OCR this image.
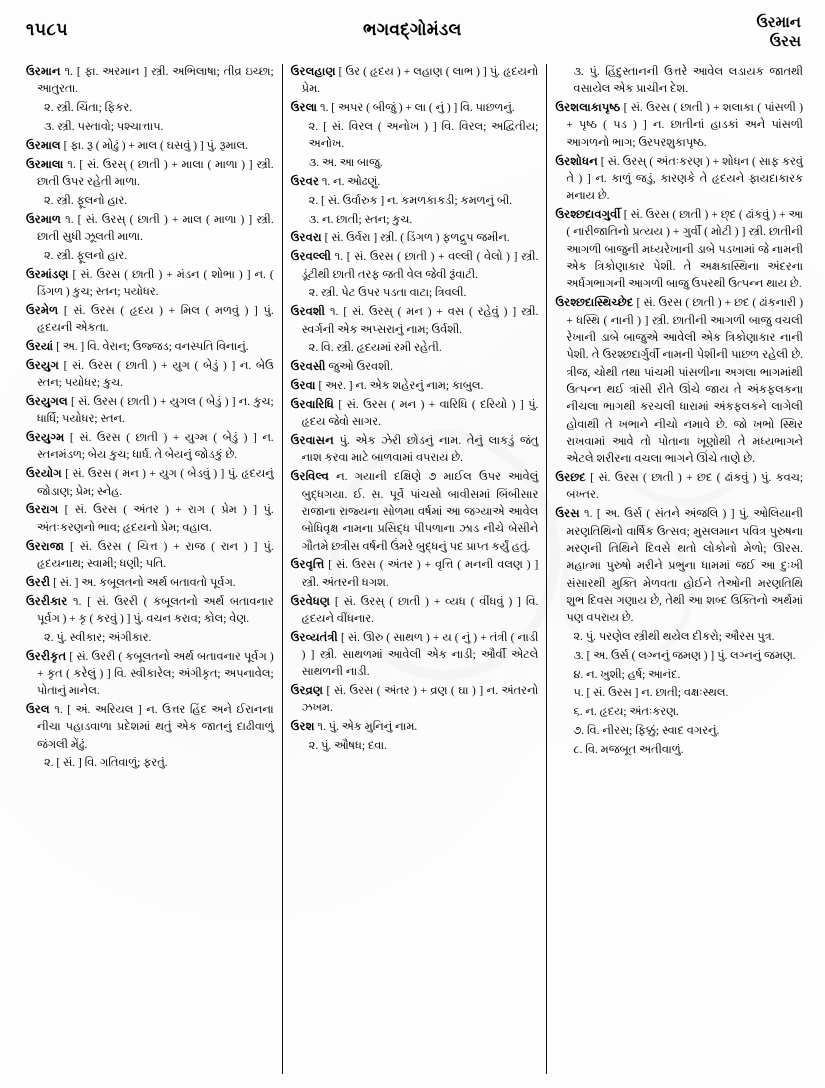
૧૫૮૫	ભગવદ્ગોમંડલ	ઉરમાન
ઉરસ

ઉરમાન ૧. [ ફા. અરમાન ] સ્ત્રી. અભિલાષા; તીવ્ર ઇચ્છા; આતુરતા.

૨. સ્ત્રી. ચિંતા; ફિકર.

૩. સ્ત્રી. પસ્તાવો; પશ્ચાત્તાપ.

ઉરમાલ [ ફા. રૂ ( મોઢું ) + માલ ( ઘસવું ) ] પું. રૂમાલ.

ઉરમાલા ૧. [ સં. ઉરસ્ ( છાતી ) + માલા ( માળા ) ] સ્ત્રી. છાતી ઉપર રહેતી માળા.

૨. સ્ત્રી. ફૂલનો હાર.

ઉરમાળ ૧. [ સં. ઉરસ્ ( છાતી ) + માલ ( માળા ) ] સ્ત્રી. છાતી સુધી ઝૂલતી માળા.

૨. સ્ત્રી. ફૂલનો હાર.

ઉરમાંડણ [ સં. ઉરસ ( છાતી ) + મંડન ( શોભા ) ] ન. ( ડિંગળ ) કુચ; સ્તન; પયોધર.

ઉરમેળ [ સં. ઉરસ ( હૃદય ) + મિલ ( મળવું ) ] પું. હૃદયની એકતા.

ઉરયાં [ અ. ] વિ. વેરાન; ઉજ્જડ; વનસ્પતિ વિનાનું.

ઉરયુગ [ સં. ઉરસ ( છાતી ) + યુગ ( બેડું ) ] ન. બેઉ સ્તન; પયોધર; કુચ.

ઉરયુગલ [ સં. ઉરસ ( છાતી ) + યુગલ ( બેડું ) ] ન. કુચ; ધાર્ધિ; પયોધર; સ્તન.

ઉરયુગ્મ [ સં. ઉરસ ( છાતી ) + યુગ્મ ( બેડું ) ] ન. સ્તનમંડળ; બેય કુચ; ધાર્ધ. તે બેયનું જોડકું છે.

ઉરયોગ [ સં. ઉરસ ( મન ) + યુગ ( બેડવું ) ] પું. હૃદયનું જોડાણ; પ્રેમ; સ્નેહ.

ઉરરાગ [ સં. ઉરસ ( અંતર ) + રાગ ( પ્રેમ ) ] પું. અંતઃકરણનો ભાવ; હૃદયનો પ્રેમ; વહાલ.

ઉરરાજા [ સં. ઉરસ ( ચિત્ત ) + રાજ ( રાન ) ] પું. હૃદયનાથ; સ્વામી; ધણી; પતિ.

ઉરરી [ સં. ] અ. કબૂલતનો અર્થ બતાવતો પૂર્વગ.

ઉરરીકાર ૧. [ સં. ઉરરી ( કબૂલતનો અર્થ બતાવનાર પૂર્વગ ) + કૃ ( કરવું ) ] પું. વચન કરાવ; કોલ; વેણ.

૨. પું. સ્વીકાર; અંગીકાર.

ઉરરીકૃત [ સં. ઉરરી ( કબૂલતનો અર્થ બતાવનાર પૂર્વગ ) + કૃત ( કરેલું ) ] વિ. સ્વીકારેલ; અંગીકૃત; અપનાવેલ; પોતાનું માનેલ.

ઉરલ ૧. [ અં. અરિયલ ] ન. ઉત્તર હિંદ અને ઈરાનના નીચા પહાડવાળા પ્રદેશમાં થતું એક જાતનું દાઢીવાળું જંગલી મેંઢું.

૨. [ સં. ] વિ. ગતિવાળું; ફરતું.

ઉરલહાણ [ ઉર ( હૃદય ) + લહાણ ( લાભ ) ] પું. હૃદયનો પ્રેમ.

ઉરલા ૧. [ અપર ( બીજું ) + લા ( નું ) ] વિ. પાછળનું.

૨. [ સં. વિરલ ( અનોખ ) ] વિ. વિરલ; અદ્વિતીય; અનોખ.

૩. અ. આ બાજુ.

ઉરવર ૧. ન. ઓઢણું.

૨. [ સં. ઉર્વારુક ] ન. કમળકાકડી; કમળનું બી.

૩. ન. છાતી; સ્તન; કુચ.

ઉરવરા [ સં. ઉર્વરા ] સ્ત્રી. ( ડિંગળ ) ફળદ્રુપ જમીન.

ઉરવલ્લી ૧. [ સં. ઉરસ ( છાતી ) + વલ્લી ( વેલો ) ] સ્ત્રી. ડૂંટીથી છાતી તરફ જતી વેલ જેવી રૂંવાટી.

૨. સ્ત્રી. પેટ ઉપર પડતા વાટા; ત્રિવલી.

ઉરવશી ૧. [ સં. ઉરસ્ ( મન ) + વસ ( રહેવું ) ] સ્ત્રી. સ્વર્ગની એક અપ્સરાનું નામ; ઉર્વશી.

૨. વિ. સ્ત્રી. હૃદયમાં રમી રહેતી.

ઉરવસી જુઓ ઉરવશી.

ઉરવા [ અર. ] ન. એક શહેરનું નામ; કાબુલ.

ઉરવારિધિ [ સં. ઉરસ ( મન ) + વારિધિ ( દરિયો ) ] પું. હૃદય જેવો સાગર.

ઉરવાસન પું. એક ઝેરી છોડનું નામ. તેનું લાકડું જંતુ નાશ કરવા માટે બાળવામાં વપરાય છે.

ઉરવિલ્વ ન. ગયાની દક્ષિણે ૭ માઈલ ઉપર આવેલું બુદ્ધગયા. ઈ. સ. પૂર્વે પાંચસો બાવીસમાં બિંબીસાર રાજાના રાજ્યના સોળમા વર્ષમાં આ જગ્યાએ આવેલ બોધિવૃક્ષ નામના પ્રસિદ્ધ પીપળાના ઝાડ નીચે બેસીને ગૌતમે છત્રીસ વર્ષની ઉંમરે બુદ્ધનું પદ પ્રાપ્ત કર્યું હતું.

ઉરવૃત્તિ [ સં. ઉરસ ( અંતર ) + વૃત્તિ ( મનની વલણ ) ] સ્ત્રી. અંતરની ધગશ.

ઉરવેધણ [ સં. ઉરસ્ ( છાતી ) + વ્યધ ( વીંધવું ) ] વિ. હૃદયને વીંધનાર.

ઉરવ્યતંત્રી [ સં. ઊરુ ( સાથળ ) + ય ( નું ) + તંત્રી ( નાડી ) ] સ્ત્રી. સાથળમાં આવેલી એક નાડી; ઔર્વી એટલે સાથળની નાડી.

ઉરવ્રણ [ સં. ઉરસ ( અંતર ) + વ્રણ ( ઘા ) ] ન. અંતરનો ઝખમ.

ઉરશ ૧. પું. એક મુનિનું નામ.

૨. પું. ઔષધ; દવા.

૩. પું. હિંદુસ્તાનની ઉત્તરે આવેલ લડાયક જાતથી વસાયેલ એક પ્રાચીન દેશ.

ઉરશલાકાપૃષ્ઠ [ સં. ઉરસ ( છાતી ) + શલાકા ( પાંસળી ) + પૃષ્ઠ ( પડ ) ] ન. છાતીનાં હાડકાં અને પાંસળી આગળનો ભાગ; ઉરપરશુકાપૃષ્ઠ.

ઉરશોધન [ સં. ઉરસ્ ( અંતઃકરણ ) + શોધન ( સાફ કરવું તે ) ] ન. કાળું જડું, કારણકે તે હૃદયને ફાયદાકારક મનાય છે.

ઉરશ્છદાવગુર્વી [ સં. ઉરસ ( છાતી ) + છ્દ ( ઢાંકવું ) + આ ( નારીજાતિનો પ્રત્યય ) + ગુર્વી ( મોટી ) ] સ્ત્રી. છાતીની આગળી બાજુની મધ્યરેખાની ડાબે પડખામાં જે નામની એક ત્રિકોણાકાર પેશી. તે અક્ષકાસ્થિના અંદરના અર્ધગભાગની આગળી બાજુ ઉપરથી ઉત્પન્ન થાય છે.

ઉરશ્છદાસ્થિચ્છેદ [ સં. ઉરસ ( છાતી ) + છદ ( ઢાંકનારી ) + ધસ્થિ ( નાની ) ] સ્ત્રી. છાતીની આગળી બાજુ વચલી રેખાની ડાબે બાજુએ આવેલી એક ત્રિકોણાકાર નાની પેશી. તે ઉરશ્છદાર્ગુર્વી નામની પેશીની પાછળ રહેલી છે. ત્રીજ, ચોથી તથા પાંચમી પાંસળીના અગલા ભાગમાંથી ઉત્પન્ન થઈ ત્રાંસી રીતે ઊંચે જાય તે અંકફલકના નીચલા ભાગથી કરચલી ધારામાં અંકફલકને લાગેલી હોવાથી તે ખભાને નીચો નમાવે છે. જો ખભો સ્થિર રાખવામાં આવે તો પોતાના ખૂણોથી તે મધ્યભાગને એટલે શરીરના વચલા ભાગને ઊંચે તાણે છે.

ઉરછદ [ સં. ઉરસ ( છાતી ) + છદ ( ઢાંકવું ) પું. કવચ; બખ્તર.

ઉરસ ૧. [ અ. ઉર્સ ( સંતને અંજલિ ) ] પું. ઓલિયાની મરણતિથિનો વાર્ષિક ઉત્સવ; મુસલમાન પવિત્ર પુરુષના મરણની તિથિને દિવસે થતો લોકોનો મેળો; ઊરસ. મહાત્મા પુરુષો મરીને પ્રભુના ધામમાં જઈ આ દુઃખી સંસારથી મુક્તિ મેળવતા હોઈને તેઓની મરણતિથિ શુભ દિવસ ગણાય છે, તેથી આ શબ્દ ઉક્તિનો અર્થમાં પણ વપરાય છે.

૨. પું. પરણેલ સ્ત્રીથી થયેલ દીકરો; ઔરસ પુત્ર.

૩. [ અ. ઉર્સ ( લગ્નનું જમણ ) ] પું. લગ્નનું જમણ.

૪. ન. ખુશી; હર્ષ; આનંદ.

૫. [ સં. ઉરસ ] ન. છાતી; વક્ષઃસ્થલ.

૬. ન. હૃદય; અંતઃકરણ.

૭. વિ. નીરસ; ફિક્કું; સ્વાદ વગરનું.

૮. વિ. મજબૂત અતીવાળું.
